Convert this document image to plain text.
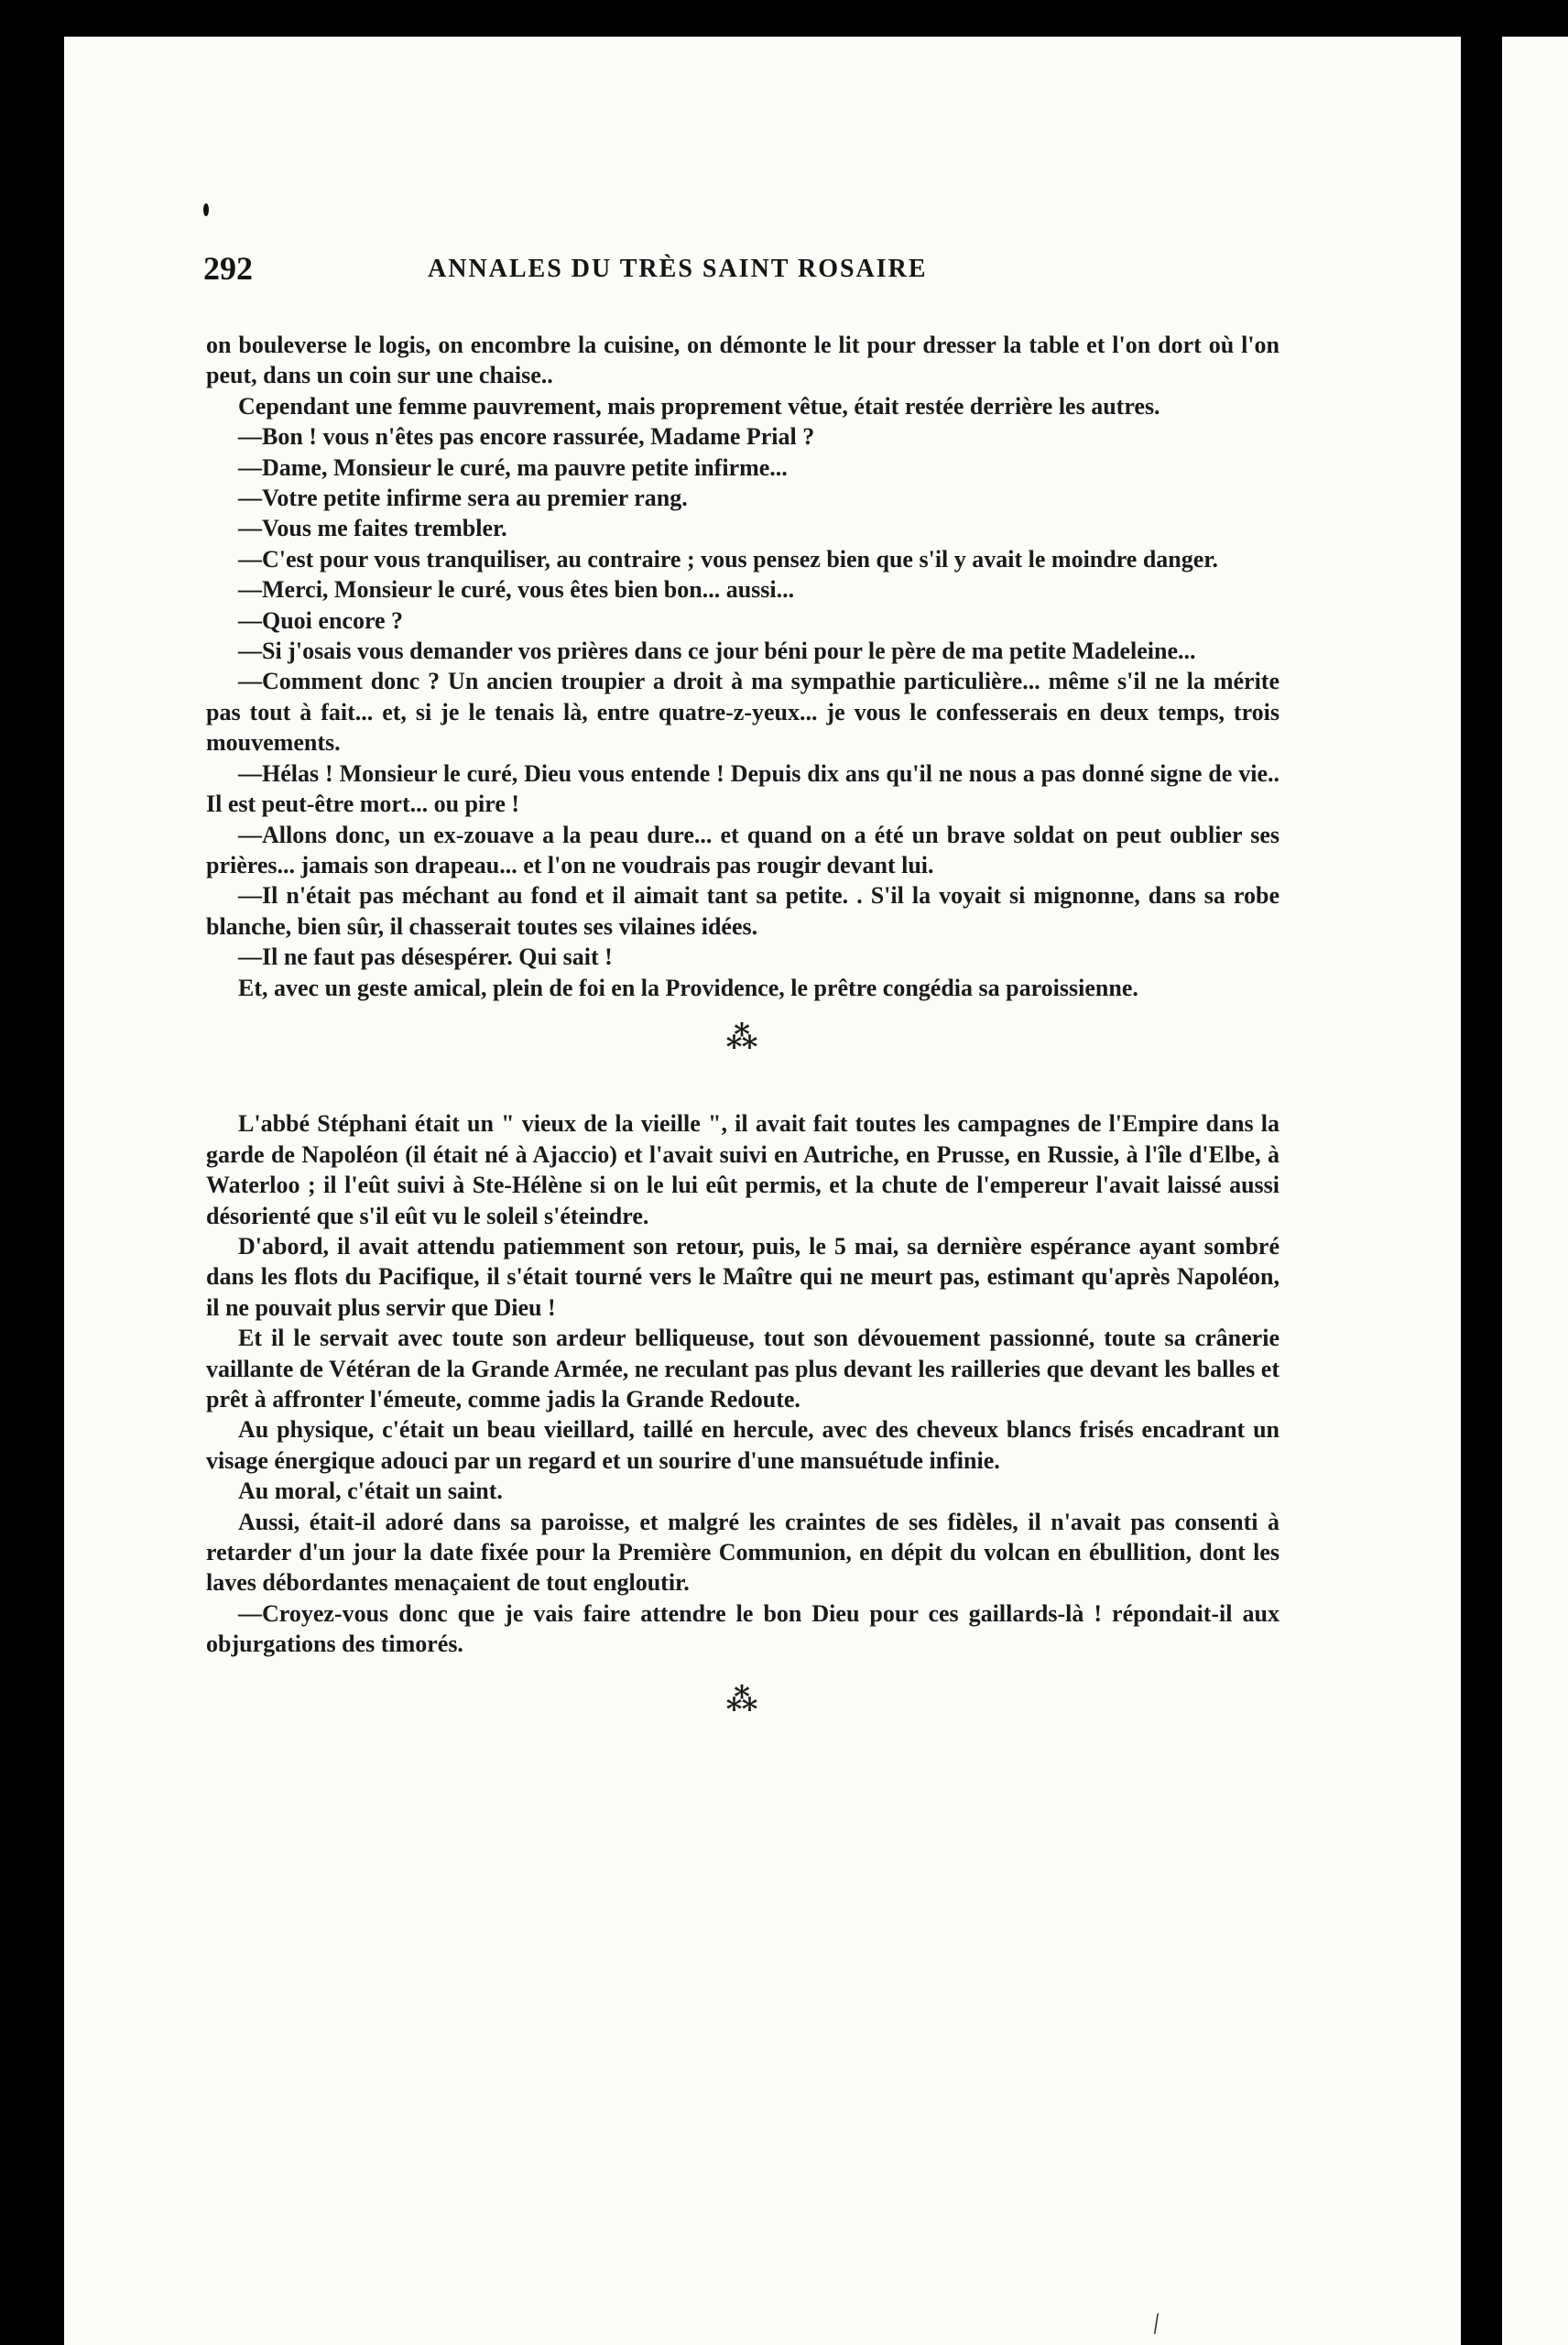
292	ANNALES DU TRÈS SAINT ROSAIRE

on bouleverse le logis, on encombre la cuisine, on démonte le lit pour dresser la table et l'on dort où l'on peut, dans un coin sur une chaise..

Cependant une femme pauvrement, mais proprement vêtue, était restée derrière les autres.

—Bon ! vous n'êtes pas encore rassurée, Madame Prial ?

—Dame, Monsieur le curé, ma pauvre petite infirme...

—Votre petite infirme sera au premier rang.

—Vous me faites trembler.

—C'est pour vous tranquiliser, au contraire ; vous pensez bien que s'il y avait le moindre danger.

—Merci, Monsieur le curé, vous êtes bien bon... aussi...

—Quoi encore ?

—Si j'osais vous demander vos prières dans ce jour béni pour le père de ma petite Madeleine...

—Comment donc ? Un ancien troupier a droit à ma sympathie particulière... même s'il ne la mérite pas tout à fait... et, si je le tenais là, entre quatre-z-yeux... je vous le confesserais en deux temps, trois mouvements.

—Hélas ! Monsieur le curé, Dieu vous entende ! Depuis dix ans qu'il ne nous a pas donné signe de vie.. Il est peut-être mort... ou pire !

—Allons donc, un ex-zouave a la peau dure... et quand on a été un brave soldat on peut oublier ses prières... jamais son drapeau... et l'on ne voudrais pas rougir devant lui.

—Il n'était pas méchant au fond et il aimait tant sa petite. . S'il la voyait si mignonne, dans sa robe blanche, bien sûr, il chasserait toutes ses vilaines idées.

—Il ne faut pas désespérer. Qui sait !

Et, avec un geste amical, plein de foi en la Providence, le prêtre congédia sa paroissienne.

⁂

L'abbé Stéphani était un " vieux de la vieille ", il avait fait toutes les campagnes de l'Empire dans la garde de Napoléon (il était né à Ajaccio) et l'avait suivi en Autriche, en Prusse, en Russie, à l'île d'Elbe, à Waterloo ; il l'eût suivi à Ste-Hélène si on le lui eût permis, et la chute de l'empereur l'avait laissé aussi désorienté que s'il eût vu le soleil s'éteindre.

D'abord, il avait attendu patiemment son retour, puis, le 5 mai, sa dernière espérance ayant sombré dans les flots du Pacifique, il s'était tourné vers le Maître qui ne meurt pas, estimant qu'après Napoléon, il ne pouvait plus servir que Dieu !

Et il le servait avec toute son ardeur belliqueuse, tout son dévouement passionné, toute sa crânerie vaillante de Vétéran de la Grande Armée, ne reculant pas plus devant les railleries que devant les balles et prêt à affronter l'émeute, comme jadis la Grande Redoute.

Au physique, c'était un beau vieillard, taillé en hercule, avec des cheveux blancs frisés encadrant un visage énergique adouci par un regard et un sourire d'une mansuétude infinie.

Au moral, c'était un saint.

Aussi, était-il adoré dans sa paroisse, et malgré les craintes de ses fidèles, il n'avait pas consenti à retarder d'un jour la date fixée pour la Première Communion, en dépit du volcan en ébullition, dont les laves débordantes menaçaient de tout engloutir.

—Croyez-vous donc que je vais faire attendre le bon Dieu pour ces gaillards-là ! répondait-il aux objurgations des timorés.

⁂
/
